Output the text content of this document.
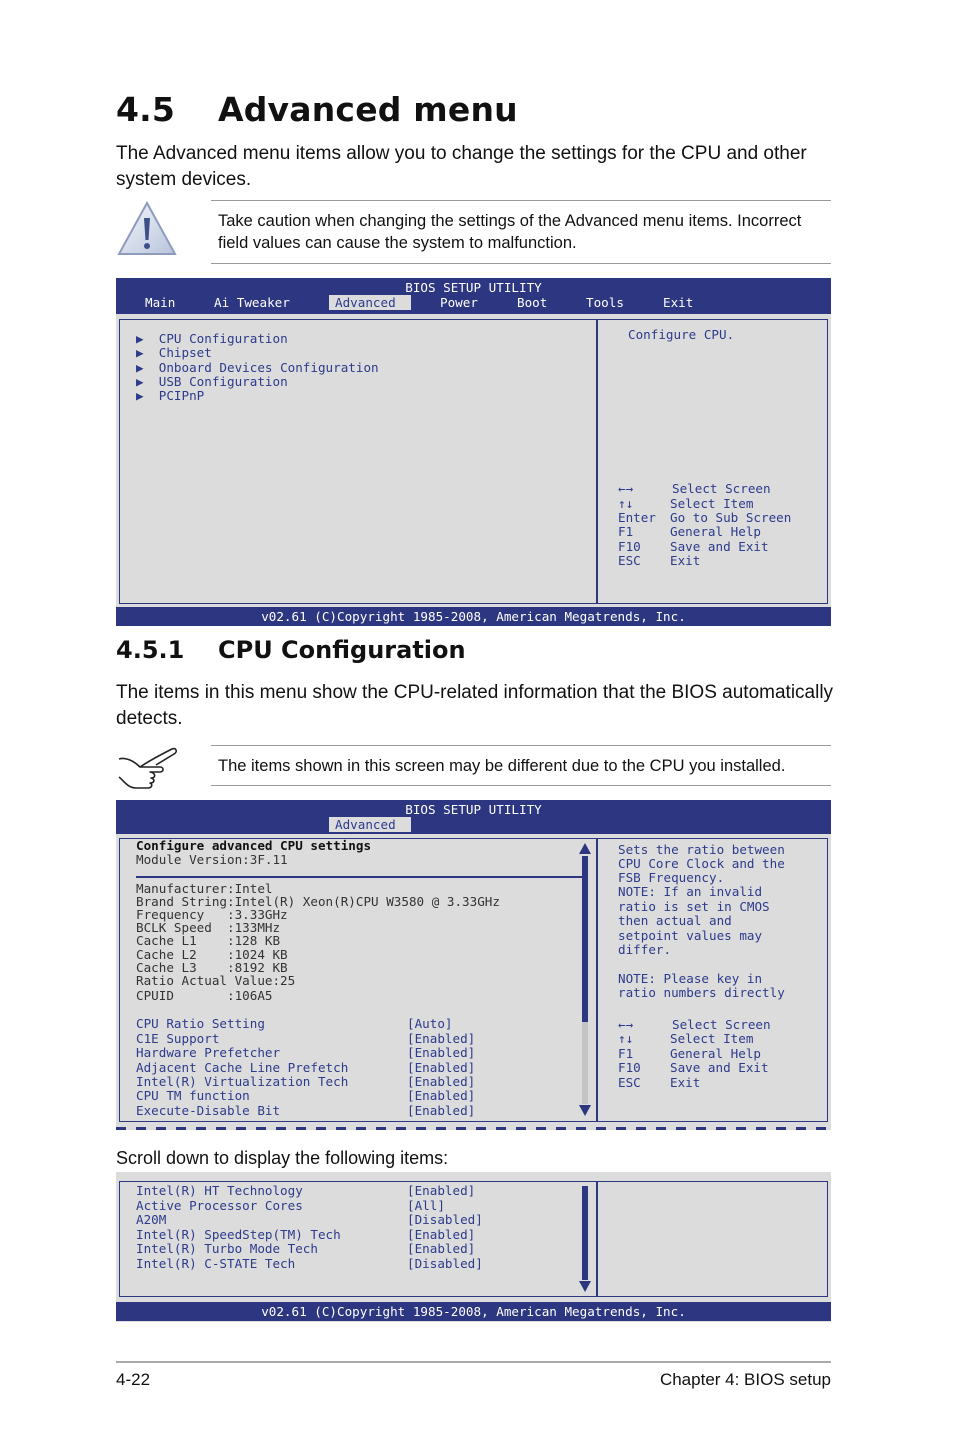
4.5 Advanced menu
The Advanced menu items allow you to change the settings for the CPU and other system devices.
Take caution when changing the settings of the Advanced menu items. Incorrect field values can cause the system to malfunction.
BIOS SETUP UTILITY
Main	Ai Tweaker	Advanced	Power	Boot	Tools	Exit
▶  CPU Configuration
▶  Chipset
▶  Onboard Devices Configuration
▶  USB Configuration
▶  PCIPnP
Configure CPU.
←→	Select Screen
↑↓	Select Item
Enter Go to Sub Screen
F1	General Help
F10 Save and Exit
ESC Exit
v02.61 (C)Copyright 1985-2008, American Megatrends, Inc.
4.5.1 CPU Configuration
The items in this menu show the CPU-related information that the BIOS automatically detects.
The items shown in this screen may be different due to the CPU you installed.
BIOS SETUP UTILITY
Advanced
Configure advanced CPU settings
Module Version:3F.11
Manufacturer:Intel
Brand String:Intel(R) Xeon(R)CPU W3580 @ 3.33GHz
Frequency   :3.33GHz
BCLK Speed  :133MHz
Cache L1    :128 KB
Cache L2    :1024 KB
Cache L3    :8192 KB
Ratio Actual Value:25
CPUID       :106A5
CPU Ratio Setting	[Auto]
C1E Support	[Enabled]
Hardware Prefetcher	[Enabled]
Adjacent Cache Line Prefetch	[Enabled]
Intel(R) Virtualization Tech	[Enabled]
CPU TM function	[Enabled]
Execute-Disable Bit	[Enabled]
Sets the ratio between
CPU Core Clock and the
FSB Frequency.
NOTE: If an invalid
ratio is set in CMOS
then actual and
setpoint values may
differ.
NOTE: Please key in
ratio numbers directly
←→	Select Screen
↑↓	Select Item
F1	General Help
F10 Save and Exit
ESC Exit
Scroll down to display the following items:
Intel(R) HT Technology	[Enabled]
Active Processor Cores	[All]
A20M	[Disabled]
Intel(R) SpeedStep(TM) Tech	[Enabled]
Intel(R) Turbo Mode Tech	[Enabled]
Intel(R) C-STATE Tech	[Disabled]
v02.61 (C)Copyright 1985-2008, American Megatrends, Inc.
4-22	Chapter 4: BIOS setup
